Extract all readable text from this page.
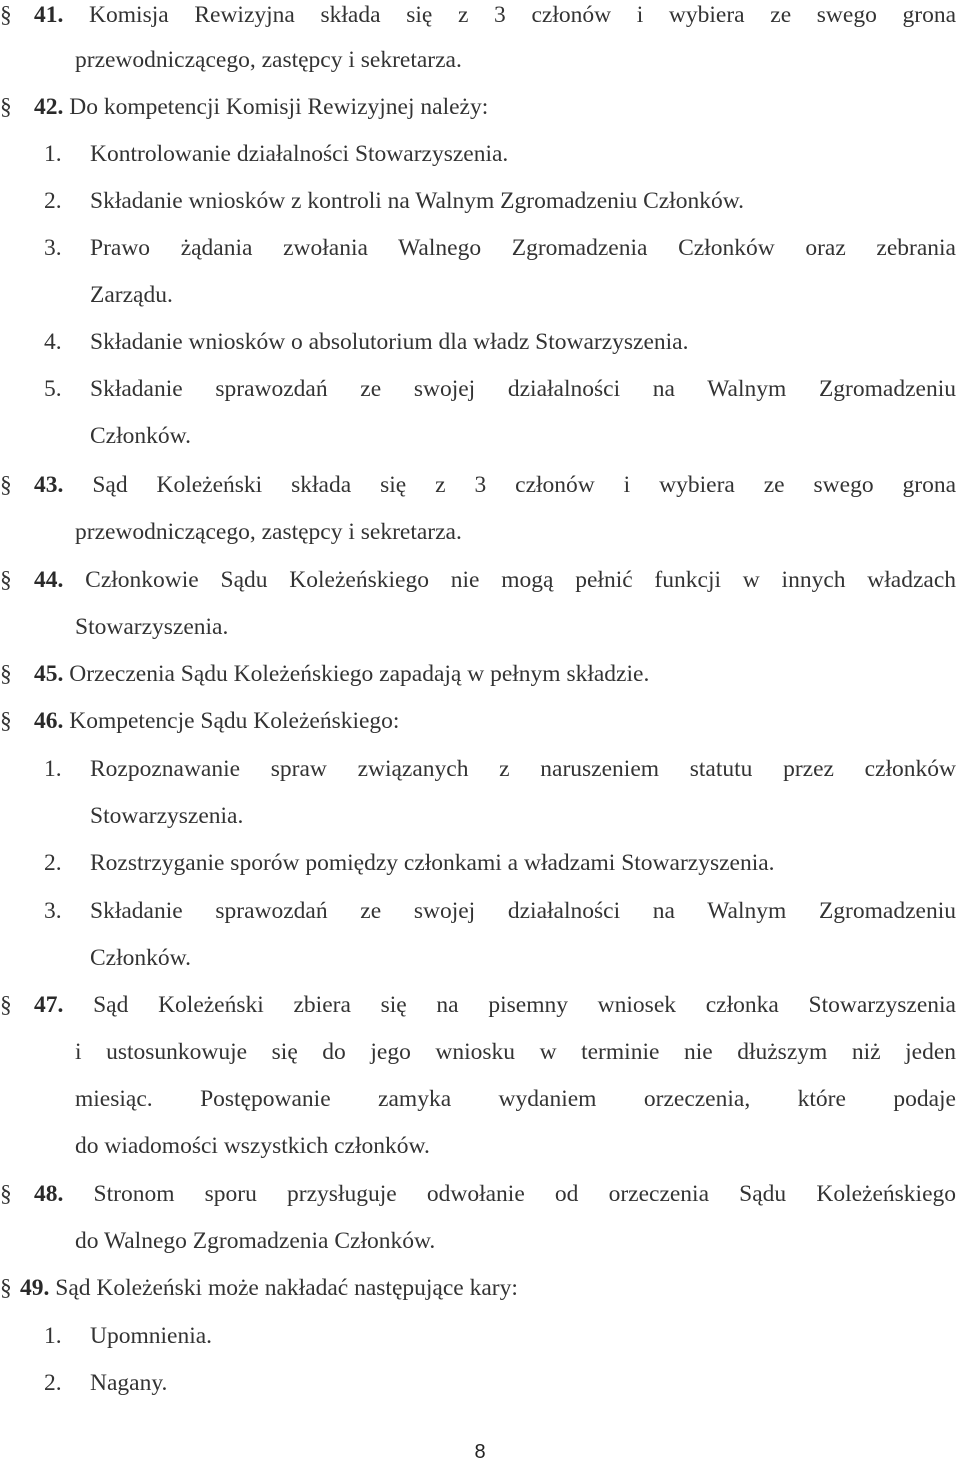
§ 41. Komisja Rewizyjna składa się z 3 członów i wybiera ze swego grona
przewodniczącego, zastępcy i sekretarza.
§ 42. Do kompetencji Komisji Rewizyjnej należy:
1. Kontrolowanie działalności Stowarzyszenia.
2. Składanie wniosków z kontroli na Walnym Zgromadzeniu Członków.
3. Prawo żądania zwołania Walnego Zgromadzenia Członków oraz zebrania
Zarządu.
4. Składanie wniosków o absolutorium dla władz Stowarzyszenia.
5. Składanie sprawozdań ze swojej działalności na Walnym Zgromadzeniu
Członków.
§ 43. Sąd Koleżeński składa się z 3 członów i wybiera ze swego grona
przewodniczącego, zastępcy i sekretarza.
§ 44. Członkowie Sądu Koleżeńskiego nie mogą pełnić funkcji w innych władzach
Stowarzyszenia.
§ 45. Orzeczenia Sądu Koleżeńskiego zapadają w pełnym składzie.
§ 46. Kompetencje Sądu Koleżeńskiego:
1. Rozpoznawanie spraw związanych z naruszeniem statutu przez członków
Stowarzyszenia.
2. Rozstrzyganie sporów pomiędzy członkami a władzami Stowarzyszenia.
3. Składanie sprawozdań ze swojej działalności na Walnym Zgromadzeniu
Członków.
§ 47. Sąd Koleżeński zbiera się na pisemny wniosek członka Stowarzyszenia
i ustosunkowuje się do jego wniosku w terminie nie dłuższym niż jeden
miesiąc. Postępowanie zamyka wydaniem orzeczenia, które podaje
do wiadomości wszystkich członków.
§ 48. Stronom sporu przysługuje odwołanie od orzeczenia Sądu Koleżeńskiego
do Walnego Zgromadzenia Członków.
§ 49. Sąd Koleżeński może nakładać następujące kary:
1. Upomnienia.
2. Nagany.
8
